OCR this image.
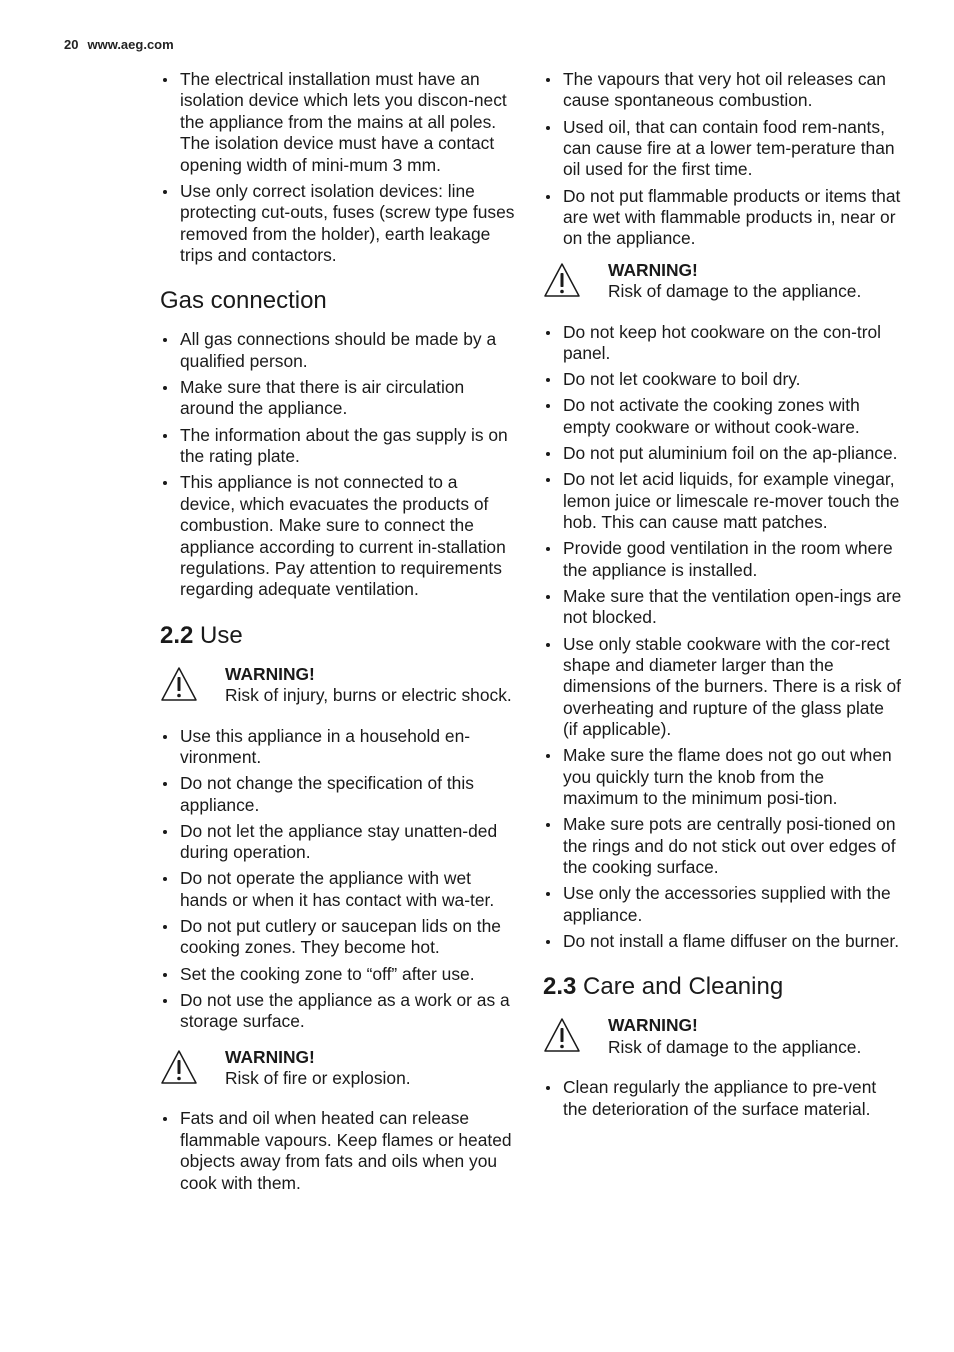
20 www.aeg.com
The electrical installation must have an isolation device which lets you discon-nect the appliance from the mains at all poles. The isolation device must have a contact opening width of mini-mum 3 mm.
Use only correct isolation devices: line protecting cut-outs, fuses (screw type fuses removed from the holder), earth leakage trips and contactors.
Gas connection
All gas connections should be made by a qualified person.
Make sure that there is air circulation around the appliance.
The information about the gas supply is on the rating plate.
This appliance is not connected to a device, which evacuates the products of combustion. Make sure to connect the appliance according to current in-stallation regulations. Pay attention to requirements regarding adequate ventilation.
2.2 Use
WARNING!
Risk of injury, burns or electric shock.
Use this appliance in a household en-vironment.
Do not change the specification of this appliance.
Do not let the appliance stay unatten-ded during operation.
Do not operate the appliance with wet hands or when it has contact with wa-ter.
Do not put cutlery or saucepan lids on the cooking zones. They become hot.
Set the cooking zone to “off” after use.
Do not use the appliance as a work or as a storage surface.
WARNING!
Risk of fire or explosion.
Fats and oil when heated can release flammable vapours. Keep flames or heated objects away from fats and oils when you cook with them.
The vapours that very hot oil releases can cause spontaneous combustion.
Used oil, that can contain food rem-nants, can cause fire at a lower tem-perature than oil used for the first time.
Do not put flammable products or items that are wet with flammable products in, near or on the appliance.
WARNING!
Risk of damage to the appliance.
Do not keep hot cookware on the con-trol panel.
Do not let cookware to boil dry.
Do not activate the cooking zones with empty cookware or without cook-ware.
Do not put aluminium foil on the ap-pliance.
Do not let acid liquids, for example vinegar, lemon juice or limescale re-mover touch the hob. This can cause matt patches.
Provide good ventilation in the room where the appliance is installed.
Make sure that the ventilation open-ings are not blocked.
Use only stable cookware with the cor-rect shape and diameter larger than the dimensions of the burners. There is a risk of overheating and rupture of the glass plate (if applicable).
Make sure the flame does not go out when you quickly turn the knob from the maximum to the minimum posi-tion.
Make sure pots are centrally posi-tioned on the rings and do not stick out over edges of the cooking surface.
Use only the accessories supplied with the appliance.
Do not install a flame diffuser on the burner.
2.3 Care and Cleaning
WARNING!
Risk of damage to the appliance.
Clean regularly the appliance to pre-vent the deterioration of the surface material.
